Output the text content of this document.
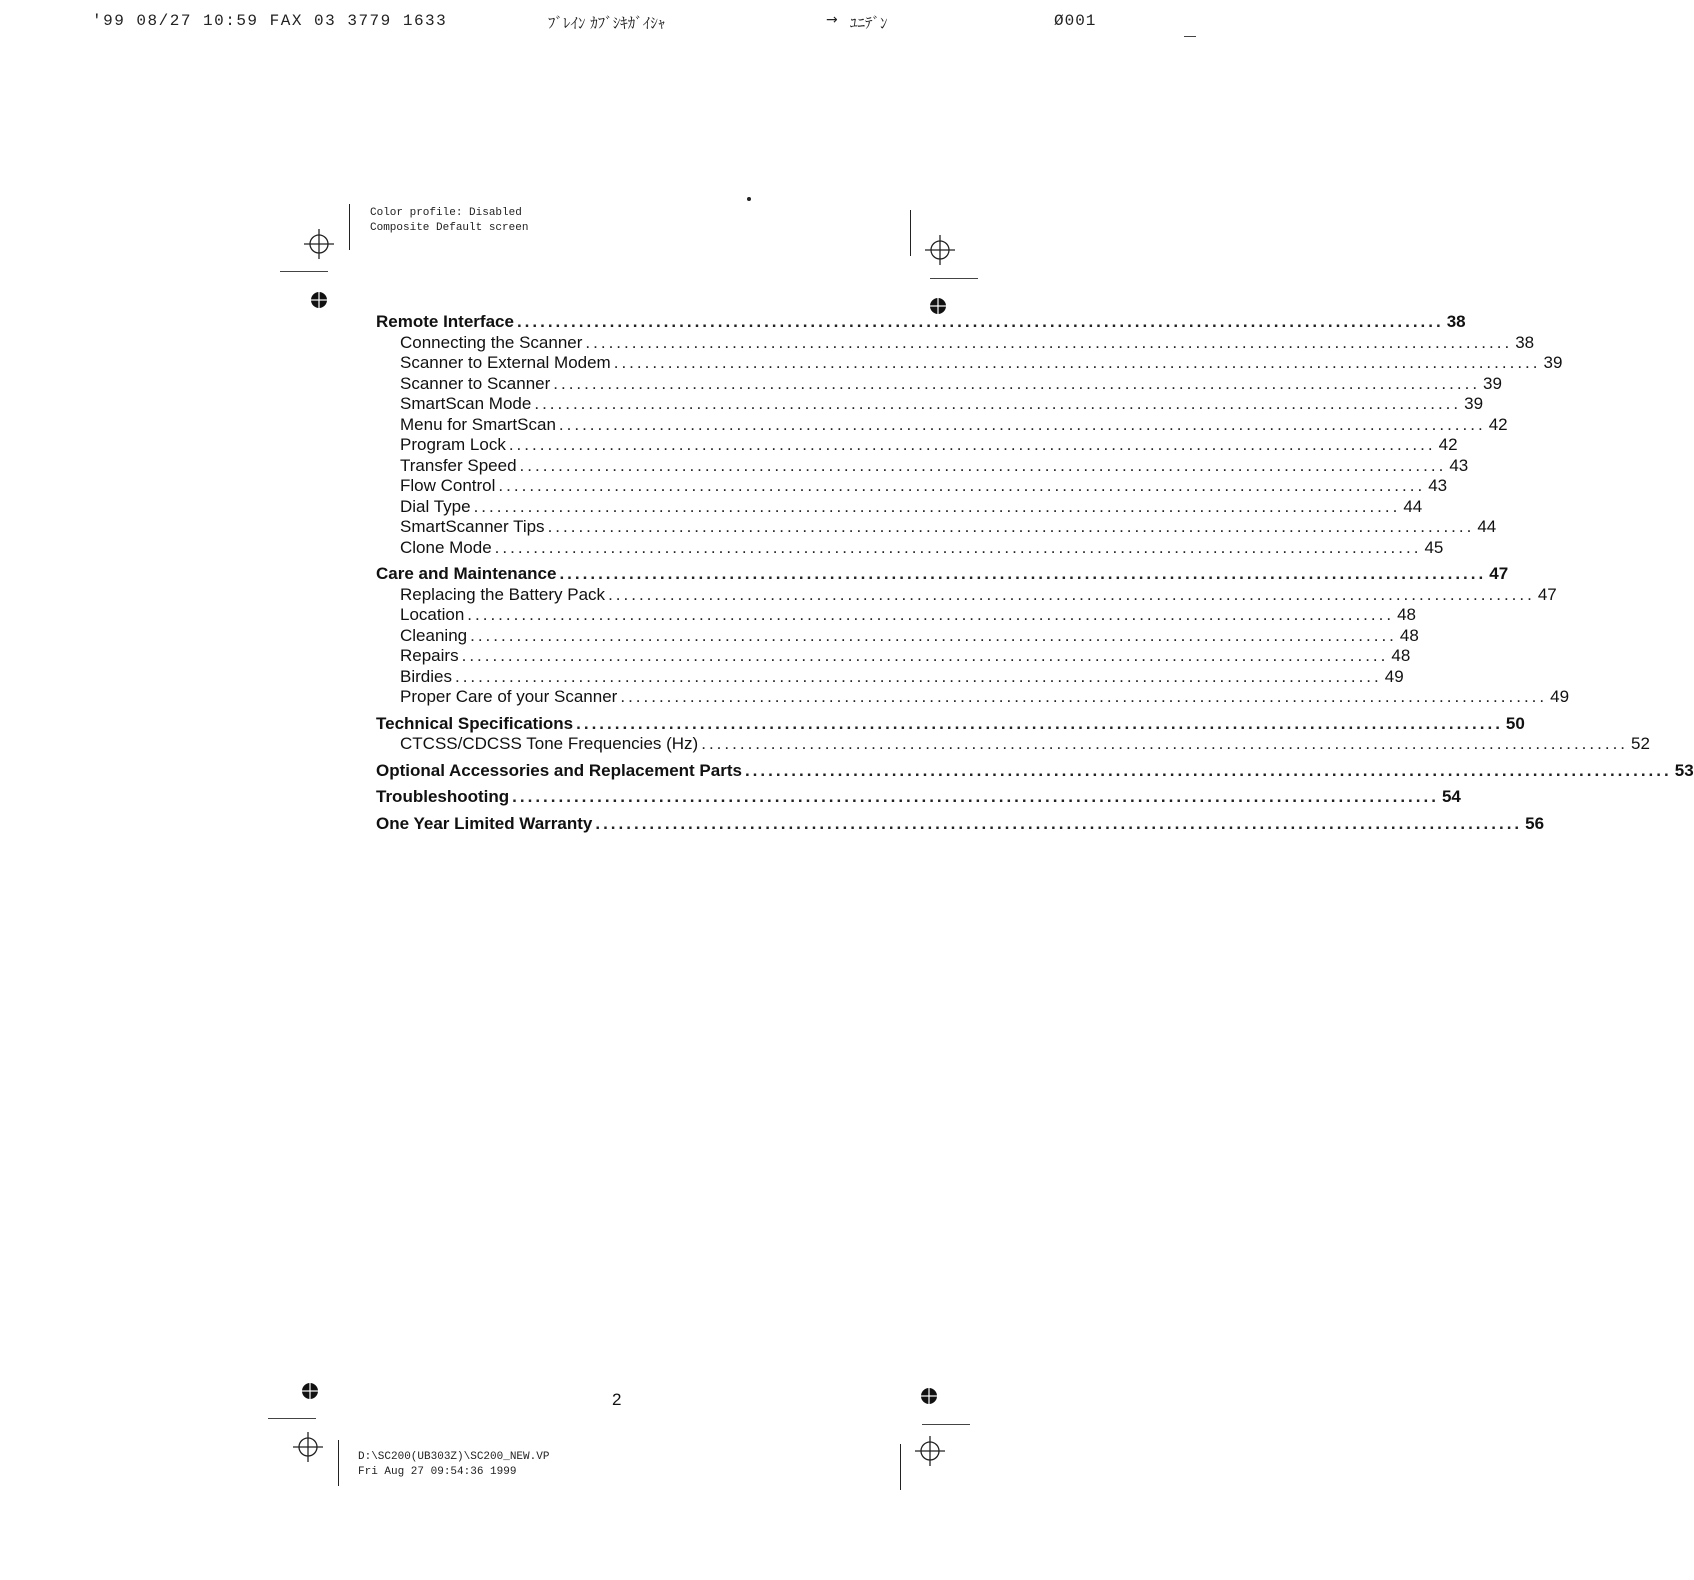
'99 08/27 10:59 FAX 03 3779 1633	ﾌﾞﾚｲﾝ ｶﾌﾞｼｷｶﾞｲｼｬ	→ ﾕﾆﾃﾞﾝ	Ø001
Color profile: Disabled
Composite Default screen
Remote Interface ........................................................................................................................ 38
Connecting the Scanner ........................................................................................................................ 38
Scanner to External Modem ........................................................................................................................ 39
Scanner to Scanner ........................................................................................................................ 39
SmartScan Mode ........................................................................................................................ 39
Menu for SmartScan ........................................................................................................................ 42
Program Lock ........................................................................................................................ 42
Transfer Speed ........................................................................................................................ 43
Flow Control ........................................................................................................................ 43
Dial Type ........................................................................................................................ 44
SmartScanner Tips ........................................................................................................................ 44
Clone Mode ........................................................................................................................ 45
Care and Maintenance ........................................................................................................................ 47
Replacing the Battery Pack ........................................................................................................................ 47
Location ........................................................................................................................ 48
Cleaning ........................................................................................................................ 48
Repairs ........................................................................................................................ 48
Birdies ........................................................................................................................ 49
Proper Care of your Scanner ........................................................................................................................ 49
Technical Specifications ........................................................................................................................ 50
CTCSS/CDCSS Tone Frequencies (Hz) ........................................................................................................................ 52
Optional Accessories and Replacement Parts ........................................................................................................................ 53
Troubleshooting ........................................................................................................................ 54
One Year Limited Warranty ........................................................................................................................ 56
2
D:\SC200(UB303Z)\SC200_NEW.VP
Fri Aug 27 09:54:36 1999
